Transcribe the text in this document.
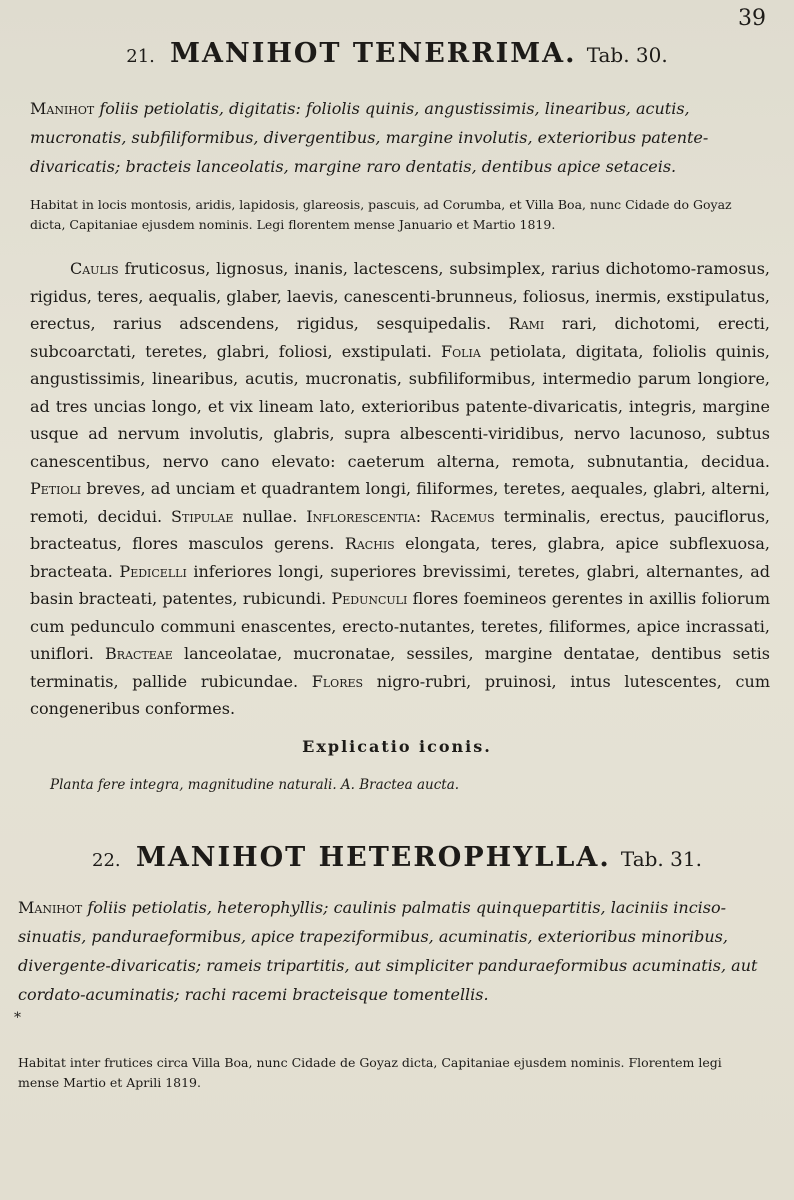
39
21. MANIHOT TENERRIMA. Tab. 30.

Manihot foliis petiolatis, digitatis: foliolis quinis, angustissimis, linearibus, acutis, mucronatis, subfiliformibus, divergentibus, margine involutis, exterioribus patente-divaricatis; bracteis lanceolatis, margine raro dentatis, dentibus apice setaceis.

Habitat in locis montosis, aridis, lapidosis, glareosis, pascuis, ad Corumba, et Villa Boa, nunc Cidade do Goyaz dicta, Capitaniae ejusdem nominis. Legi florentem mense Januario et Martio 1819.

Caulis fruticosus, lignosus, inanis, lactescens, subsimplex, rarius dichotomo-ramosus, rigidus, teres, aequalis, glaber, laevis, canescenti-brunneus, foliosus, inermis, exstipulatus, erectus, rarius adscendens, rigidus, sesquipedalis. Rami rari, dichotomi, erecti, subcoarctati, teretes, glabri, foliosi, exstipulati. Folia petiolata, digitata, foliolis quinis, angustissimis, linearibus, acutis, mucronatis, subfiliformibus, intermedio parum longiore, ad tres uncias longo, et vix lineam lato, exterioribus patente-divaricatis, integris, margine usque ad nervum involutis, glabris, supra albescenti-viridibus, nervo lacunoso, subtus canescentibus, nervo cano elevato: caeterum alterna, remota, subnutantia, decidua. Petioli breves, ad unciam et quadrantem longi, filiformes, teretes, aequales, glabri, alterni, remoti, decidui. Stipulae nullae. Inflorescentia: Racemus terminalis, erectus, pauciflorus, bracteatus, flores masculos gerens. Rachis elongata, teres, glabra, apice subflexuosa, bracteata. Pedicelli inferiores longi, superiores brevissimi, teretes, glabri, alternantes, ad basin bracteati, patentes, rubicundi. Pedunculi flores foemineos gerentes in axillis foliorum cum pedunculo communi enascentes, erecto-nutantes, teretes, filiformes, apice incrassati, uniflori. Bracteae lanceolatae, mucronatae, sessiles, margine dentatae, dentibus setis terminatis, pallide rubicundae. Flores nigro-rubri, pruinosi, intus lutescentes, cum congeneribus conformes.

Explicatio iconis.
Planta fere integra, magnitudine naturali. A. Bractea aucta.
22. MANIHOT HETEROPHYLLA. Tab. 31.

Manihot foliis petiolatis, heterophyllis; caulinis palmatis quinquepartitis, laciniis inciso-sinuatis, panduraeformibus, apice trapeziformibus, acuminatis, exterioribus minoribus, divergente-divaricatis; rameis tripartitis, aut simpliciter panduraeformibus acuminatis, aut cordato-acuminatis; rachi racemi bracteisque tomentellis.

*

Habitat inter frutices circa Villa Boa, nunc Cidade de Goyaz dicta, Capitaniae ejusdem nominis. Florentem legi mense Martio et Aprili 1819.
